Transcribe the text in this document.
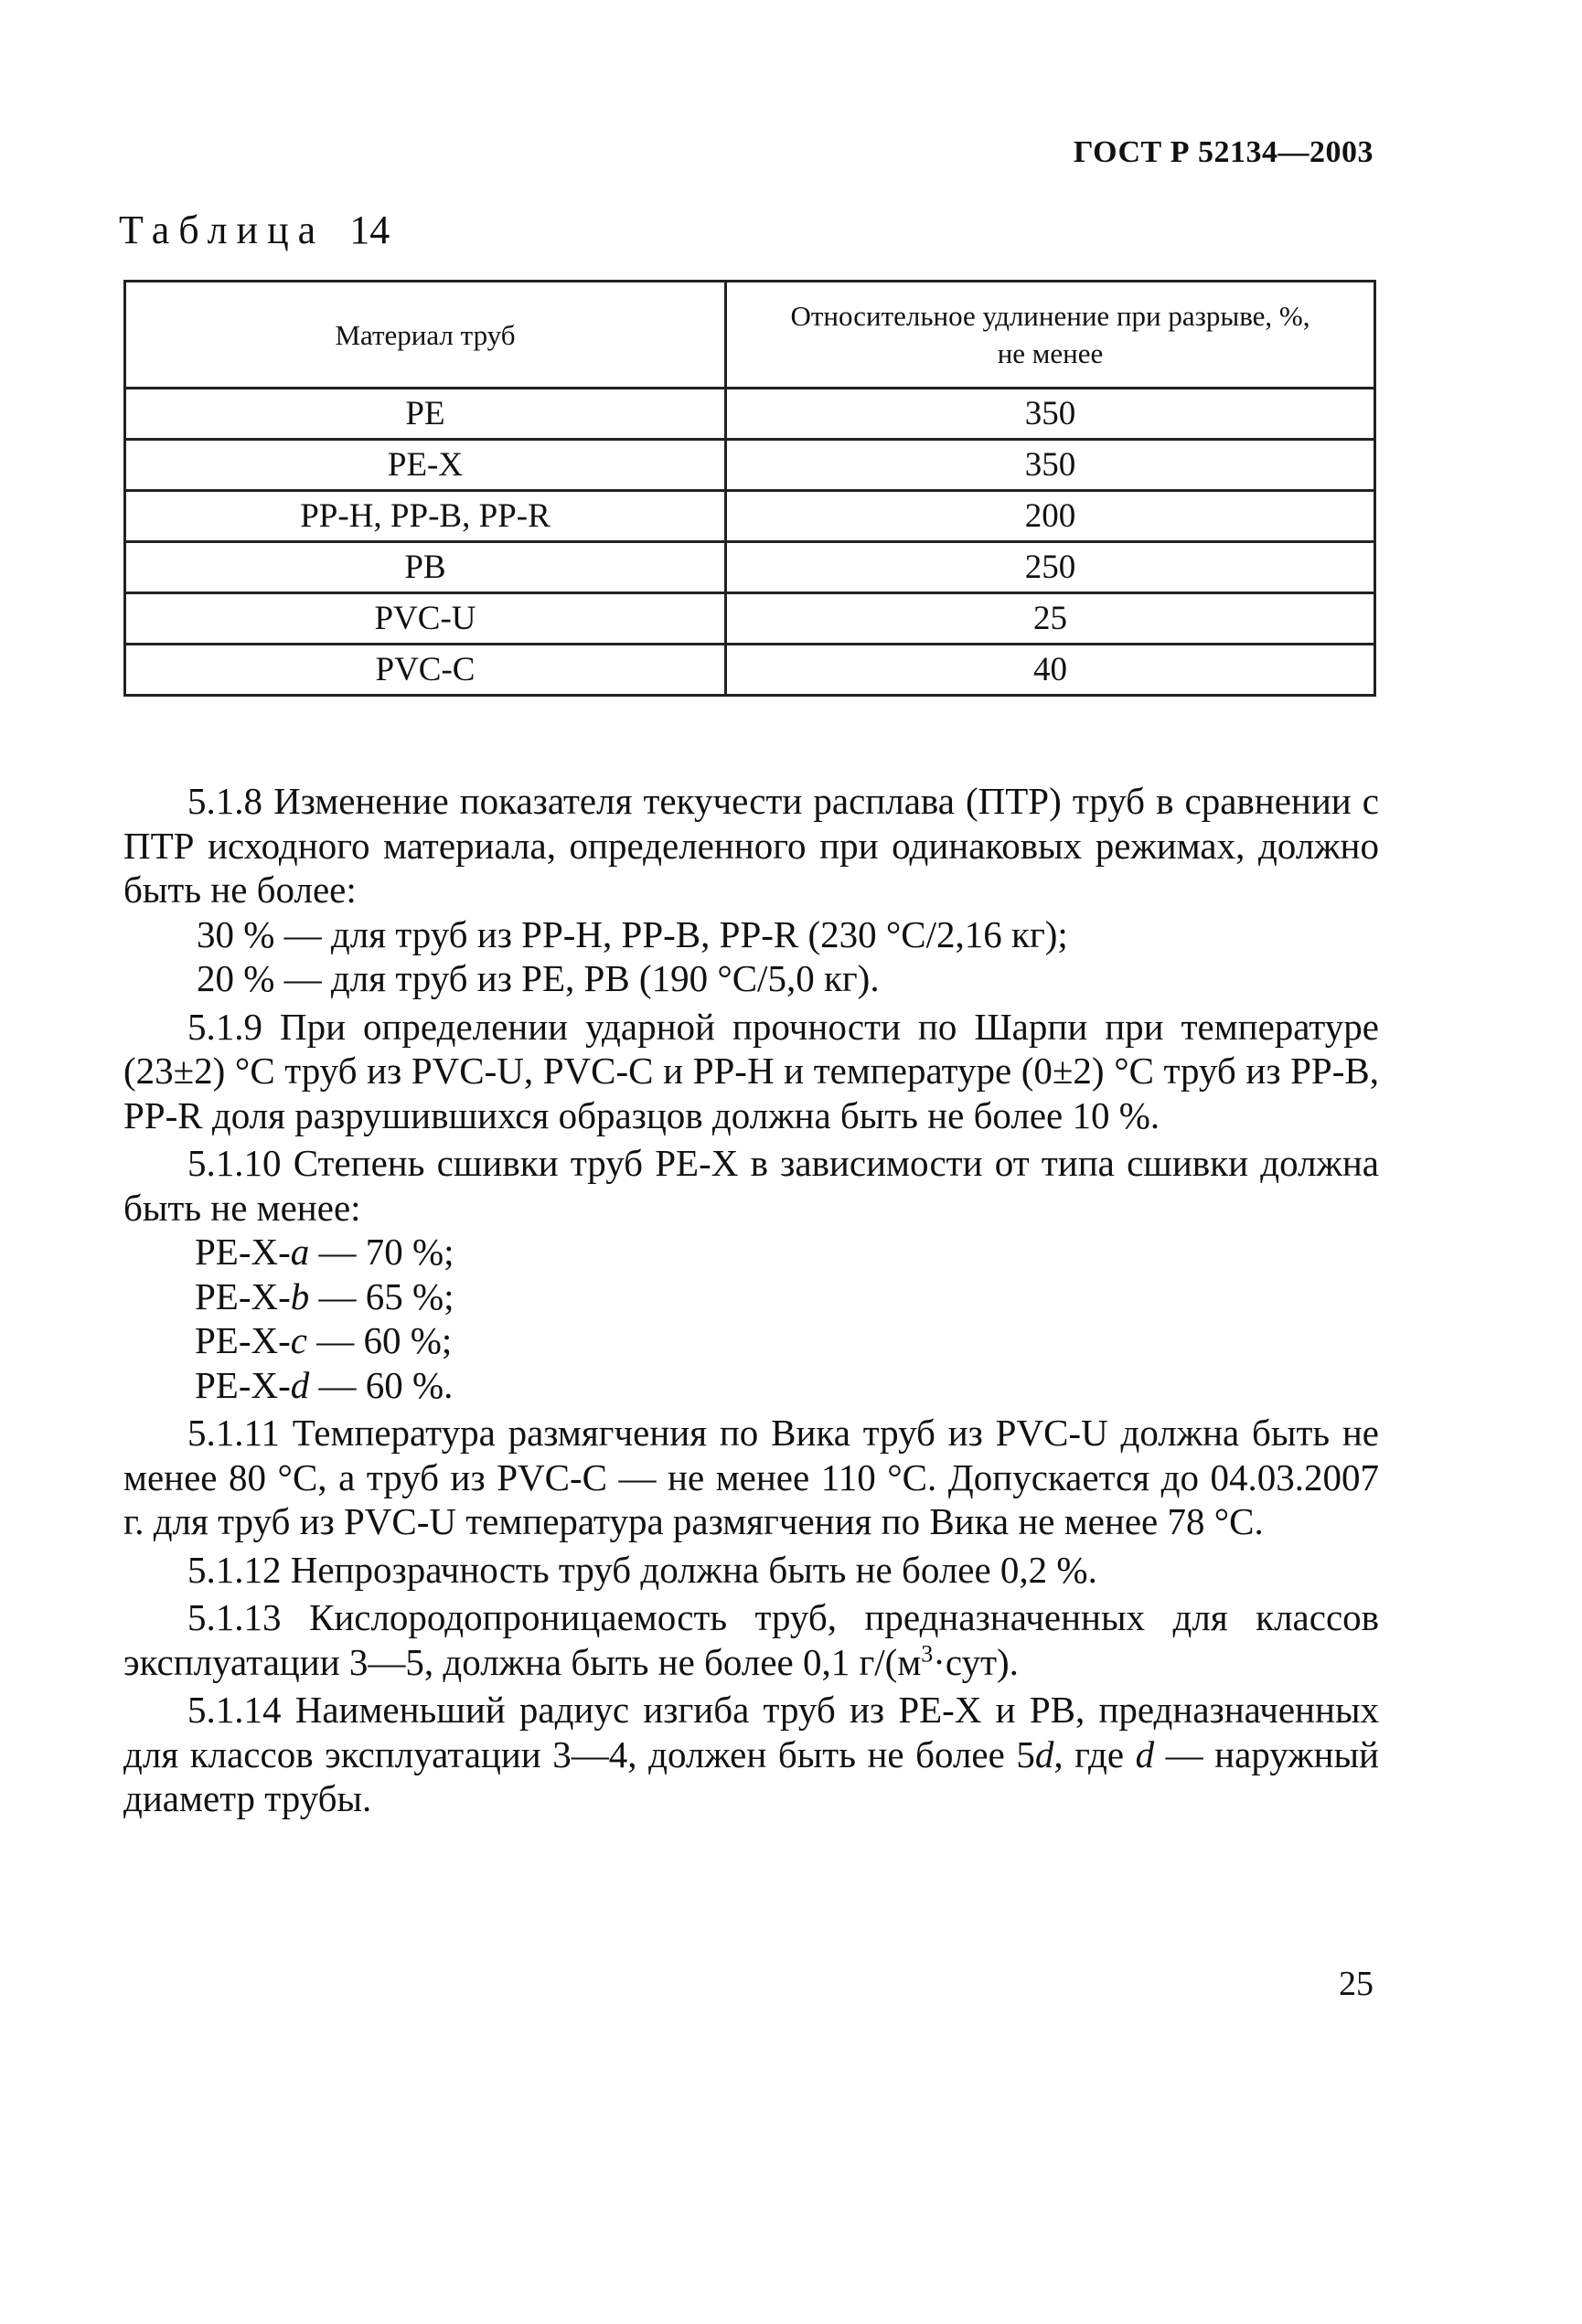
ГОСТ Р 52134—2003
Таблица 14
Материал труб	Относительное удлинение при разрыве, %, не менее
PE	350
PE-X	350
PP-H, PP-B, PP-R	200
PB	250
PVC-U	25
PVC-C	40

5.1.8 Изменение показателя текучести расплава (ПТР) труб в сравнении с ПТР исходного материала, определенного при одинаковых режимах, должно быть не более:

30 % — для труб из PP-H, PP-B, PP-R (230 °С/2,16 кг);

20 % — для труб из PE, PB (190 °С/5,0 кг).

5.1.9 При определении ударной прочности по Шарпи при температуре (23±2) °С труб из PVC-U, PVC-C и PP-H и температуре (0±2) °С труб из PP-B, PP-R доля разрушившихся образцов должна быть не более 10 %.

5.1.10 Степень сшивки труб PE-X в зависимости от типа сшивки должна быть не менее:

PE-X-a — 70 %;

PE-X-b — 65 %;

PE-X-c — 60 %;

PE-X-d — 60 %.

5.1.11 Температура размягчения по Вика труб из PVC-U должна быть не менее 80 °С, а труб из PVC-C — не менее 110 °С. Допускается до 04.03.2007 г. для труб из PVC-U температура размягчения по Вика не менее 78 °С.

5.1.12 Непрозрачность труб должна быть не более 0,2 %.

5.1.13 Кислородопроницаемость труб, предназначенных для классов эксплуатации 3—5, должна быть не более 0,1 $г/(м^3\cdot сут)$.

5.1.14 Наименьший радиус изгиба труб из PE-X и PB, предназначенных для классов эксплуатации 3—4, должен быть не более 5d, где d — наружный диаметр трубы.

25
